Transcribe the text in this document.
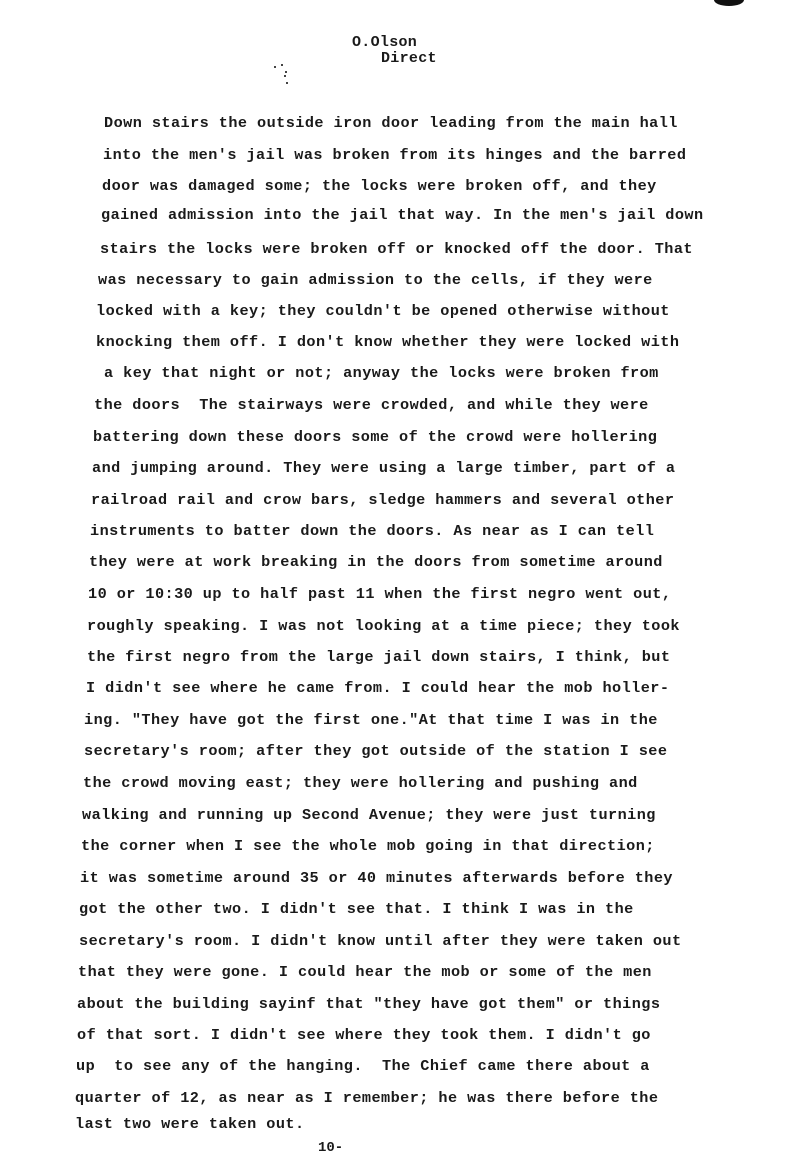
O.Olson
Direct
Down stairs the outside iron door leading from the main hall
into the men's jail was broken from its hinges and the barred
door was damaged some; the locks were broken off, and they
gained admission into the jail that way. In the men's jail down
stairs the locks were broken off or knocked off the door. That
was necessary to gain admission to the cells, if they were
locked with a key; they couldn't be opened otherwise without
knocking them off. I don't know whether they were locked with
a key that night or not; anyway the locks were broken from
the doors  The stairways were crowded, and while they were
battering down these doors some of the crowd were hollering
and jumping around. They were using a large timber, part of a
railroad rail and crow bars, sledge hammers and several other
instruments to batter down the doors. As near as I can tell
they were at work breaking in the doors from sometime around
10 or 10:30 up to half past 11 when the first negro went out,
roughly speaking. I was not looking at a time piece; they took
the first negro from the large jail down stairs, I think, but
I didn't see where he came from. I could hear the mob holler-
ing. "They have got the first one."At that time I was in the
secretary's room; after they got outside of the station I see
the crowd moving east; they were hollering and pushing and
walking and running up Second Avenue; they were just turning
the corner when I see the whole mob going in that direction;
it was sometime around 35 or 40 minutes afterwards before they
got the other two. I didn't see that. I think I was in the
secretary's room. I didn't know until after they were taken out
that they were gone. I could hear the mob or some of the men
about the building sayinf that "they have got them" or things
of that sort. I didn't see where they took them. I didn't go
up  to see any of the hanging.  The Chief came there about a
quarter of 12, as near as I remember; he was there before the
last two were taken out.
10-
